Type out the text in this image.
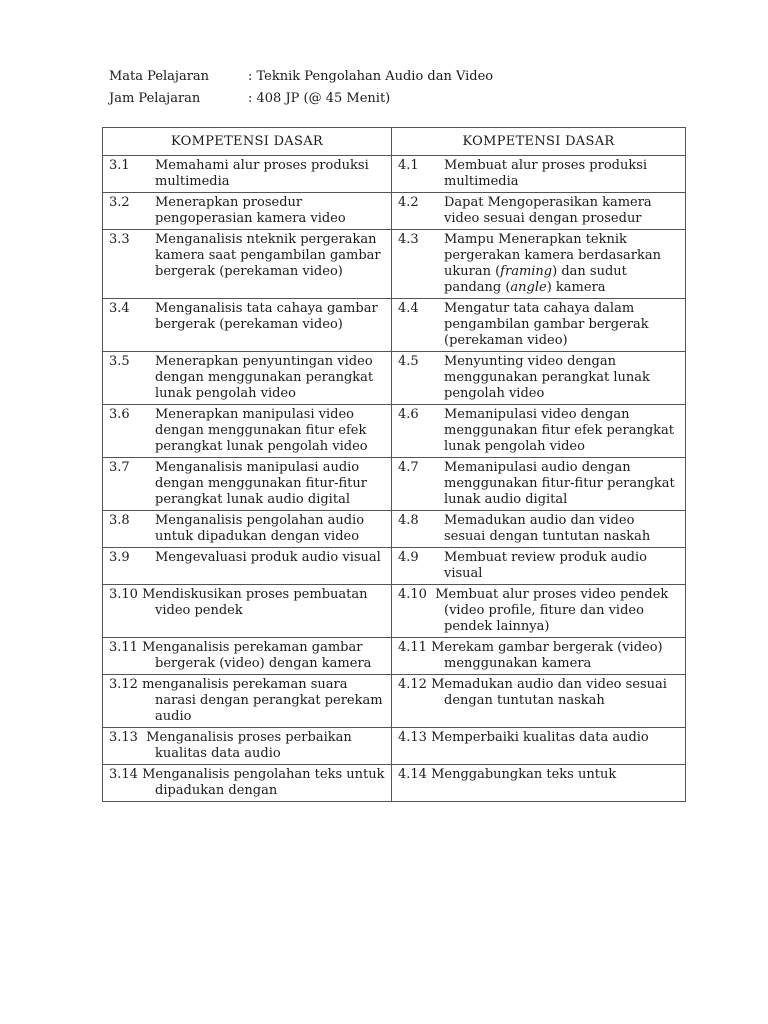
Mata Pelajaran	: Teknik Pengolahan Audio dan Video
Jam Pelajaran	: 408 JP (@ 45 Menit)
KOMPETENSI DASAR	KOMPETENSI DASAR

3.1 Memahami alur proses produksi multimedia	4.1 Membuat alur proses produksi multimedia

3.2 Menerapkan prosedur pengoperasian kamera video	4.2 Dapat Mengoperasikan kamera video sesuai dengan prosedur

3.3 Menganalisis nteknik pergerakan kamera saat pengambilan gambar bergerak (perekaman video)	4.3 Mampu Menerapkan teknik pergerakan kamera berdasarkan ukuran (framing) dan sudut pandang (angle) kamera

3.4 Menganalisis tata cahaya gambar bergerak (perekaman video)	4.4 Mengatur tata cahaya dalam pengambilan gambar bergerak (perekaman video)

3.5 Menerapkan penyuntingan video dengan menggunakan perangkat lunak pengolah video	4.5 Menyunting video dengan menggunakan perangkat lunak pengolah video

3.6 Menerapkan manipulasi video dengan menggunakan fitur efek perangkat lunak pengolah video	4.6 Memanipulasi video dengan menggunakan fitur efek perangkat lunak pengolah video

3.7 Menganalisis manipulasi audio dengan menggunakan fitur-fitur perangkat lunak audio digital	4.7 Memanipulasi audio dengan menggunakan fitur-fitur perangkat lunak audio digital

3.8 Menganalisis pengolahan audio untuk dipadukan dengan video	4.8 Memadukan audio dan video sesuai dengan tuntutan naskah

3.9 Mengevaluasi produk audio visual	4.9 Membuat review produk audio visual

3.10 Mendiskusikan proses pembuatan video pendek	4.10 Membuat alur proses video pendek (video profile, fiture dan video pendek lainnya)

3.11 Menganalisis perekaman gambar bergerak (video) dengan kamera	4.11 Merekam gambar bergerak (video) menggunakan kamera

3.12 menganalisis perekaman suara narasi dengan perangkat perekam audio	4.12 Memadukan audio dan video sesuai dengan tuntutan naskah

3.13 Menganalisis proses perbaikan kualitas data audio	4.13 Memperbaiki kualitas data audio

3.14 Menganalisis pengolahan teks untuk dipadukan dengan	4.14 Menggabungkan teks untuk
